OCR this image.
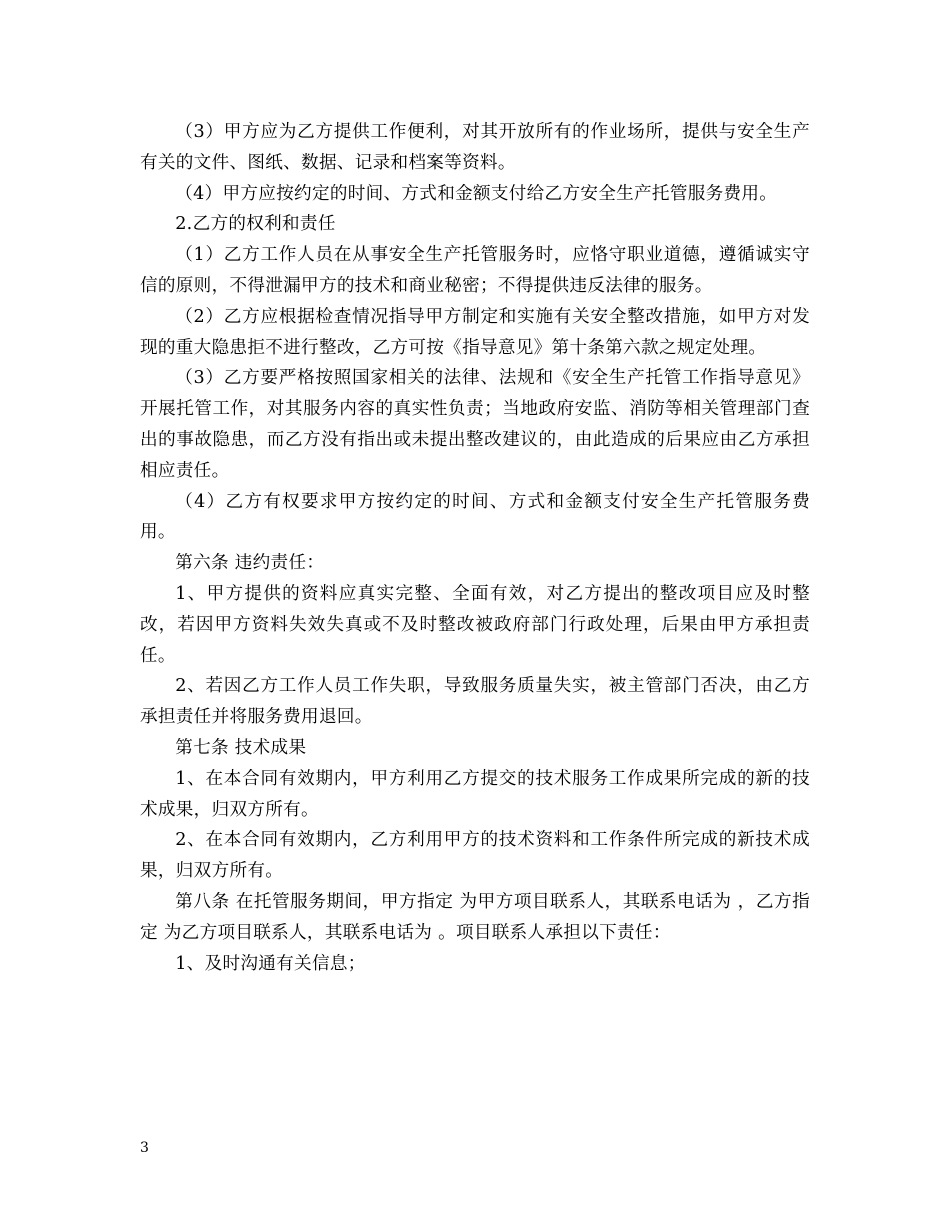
（3）甲方应为乙方提供工作便利，对其开放所有的作业场所，提供与安全生产有关的文件、图纸、数据、记录和档案等资料。

（4）甲方应按约定的时间、方式和金额支付给乙方安全生产托管服务费用。

2.乙方的权利和责任

（1）乙方工作人员在从事安全生产托管服务时，应恪守职业道德，遵循诚实守信的原则，不得泄漏甲方的技术和商业秘密；不得提供违反法律的服务。

（2）乙方应根据检查情况指导甲方制定和实施有关安全整改措施，如甲方对发现的重大隐患拒不进行整改，乙方可按《指导意见》第十条第六款之规定处理。

（3）乙方要严格按照国家相关的法律、法规和《安全生产托管工作指导意见》开展托管工作，对其服务内容的真实性负责；当地政府安监、消防等相关管理部门查出的事故隐患，而乙方没有指出或未提出整改建议的，由此造成的后果应由乙方承担相应责任。

（4）乙方有权要求甲方按约定的时间、方式和金额支付安全生产托管服务费用。

第六条 违约责任：

1、甲方提供的资料应真实完整、全面有效，对乙方提出的整改项目应及时整改，若因甲方资料失效失真或不及时整改被政府部门行政处理，后果由甲方承担责任。

2、若因乙方工作人员工作失职，导致服务质量失实，被主管部门否决，由乙方承担责任并将服务费用退回。

第七条 技术成果

1、在本合同有效期内，甲方利用乙方提交的技术服务工作成果所完成的新的技术成果，归双方所有。

2、在本合同有效期内，乙方利用甲方的技术资料和工作条件所完成的新技术成果，归双方所有。

第八条 在托管服务期间，甲方指定 为甲方项目联系人，其联系电话为 ，乙方指定 为乙方项目联系人，其联系电话为 。项目联系人承担以下责任：

1、及时沟通有关信息；

3
